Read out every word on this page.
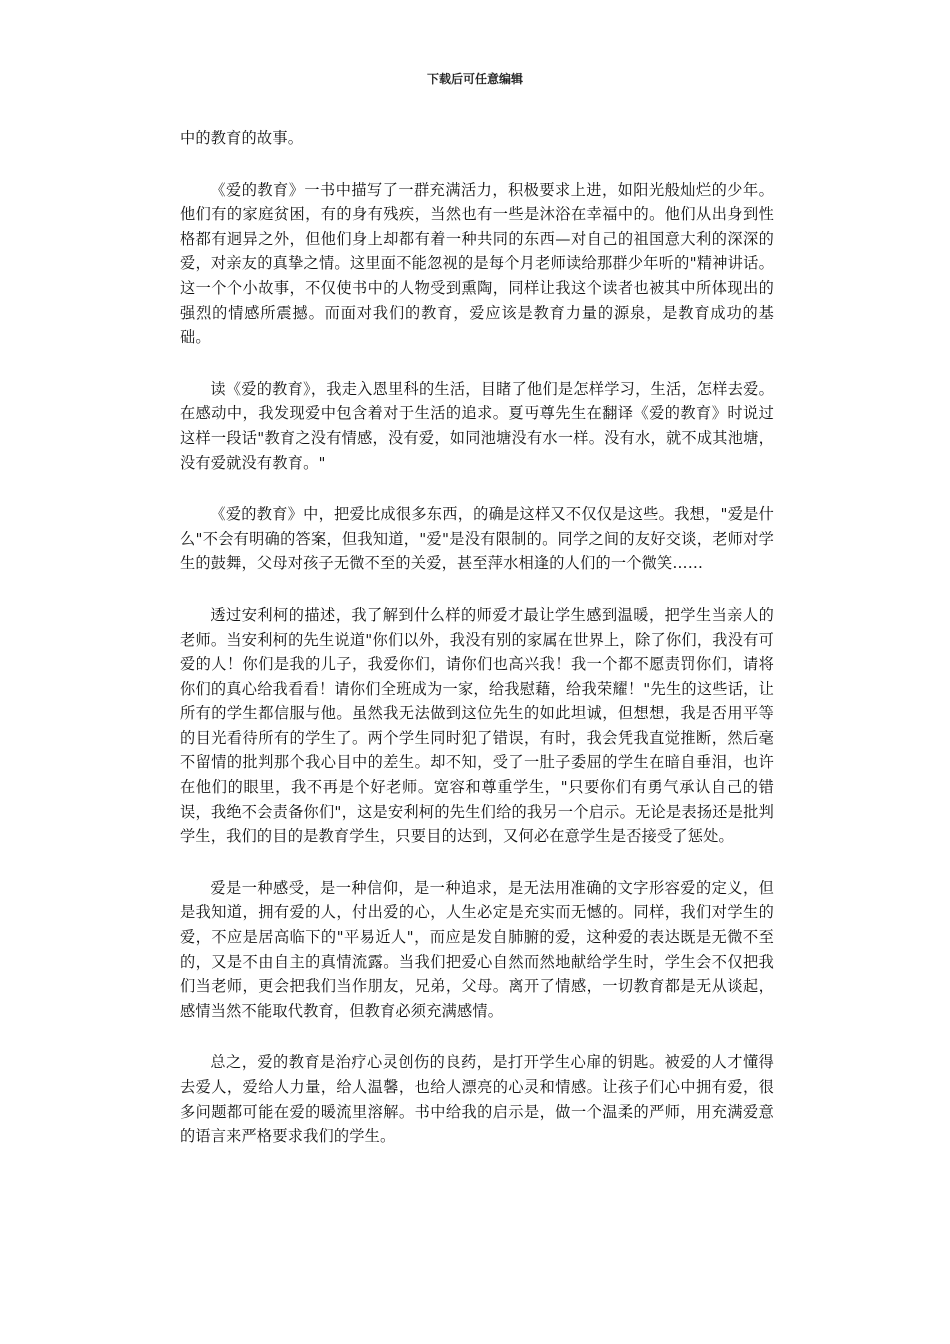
下载后可任意编辑

中的教育的故事。

《爱的教育》一书中描写了一群充满活力，积极要求上进，如阳光般灿烂的少年。他们有的家庭贫困，有的身有残疾，当然也有一些是沐浴在幸福中的。他们从出身到性格都有迥异之外，但他们身上却都有着一种共同的东西—对自己的祖国意大利的深深的爱，对亲友的真挚之情。这里面不能忽视的是每个月老师读给那群少年听的"精神讲话。这一个个小故事，不仅使书中的人物受到熏陶，同样让我这个读者也被其中所体现出的强烈的情感所震撼。而面对我们的教育，爱应该是教育力量的源泉，是教育成功的基础。

读《爱的教育》，我走入恩里科的生活，目睹了他们是怎样学习，生活，怎样去爱。在感动中，我发现爱中包含着对于生活的追求。夏丏尊先生在翻译《爱的教育》时说过这样一段话"教育之没有情感，没有爱，如同池塘没有水一样。没有水，就不成其池塘，没有爱就没有教育。"

《爱的教育》中，把爱比成很多东西，的确是这样又不仅仅是这些。我想，"爱是什么"不会有明确的答案，但我知道，"爱"是没有限制的。同学之间的友好交谈，老师对学生的鼓舞，父母对孩子无微不至的关爱，甚至萍水相逢的人们的一个微笑……

透过安利柯的描述，我了解到什么样的师爱才最让学生感到温暖，把学生当亲人的老师。当安利柯的先生说道"你们以外，我没有别的家属在世界上，除了你们，我没有可爱的人！你们是我的儿子，我爱你们，请你们也高兴我！我一个都不愿责罚你们，请将你们的真心给我看看！请你们全班成为一家，给我慰藉，给我荣耀！"先生的这些话，让所有的学生都信服与他。虽然我无法做到这位先生的如此坦诚，但想想，我是否用平等的目光看待所有的学生了。两个学生同时犯了错误，有时，我会凭我直觉推断，然后毫不留情的批判那个我心目中的差生。却不知，受了一肚子委屈的学生在暗自垂泪，也许在他们的眼里，我不再是个好老师。宽容和尊重学生，"只要你们有勇气承认自己的错误，我绝不会责备你们"，这是安利柯的先生们给的我另一个启示。无论是表扬还是批判学生，我们的目的是教育学生，只要目的达到，又何必在意学生是否接受了惩处。

爱是一种感受，是一种信仰，是一种追求，是无法用准确的文字形容爱的定义，但是我知道，拥有爱的人，付出爱的心，人生必定是充实而无憾的。同样，我们对学生的爱，不应是居高临下的"平易近人"，而应是发自肺腑的爱，这种爱的表达既是无微不至的，又是不由自主的真情流露。当我们把爱心自然而然地献给学生时，学生会不仅把我们当老师，更会把我们当作朋友，兄弟，父母。离开了情感，一切教育都是无从谈起，感情当然不能取代教育，但教育必须充满感情。

总之，爱的教育是治疗心灵创伤的良药，是打开学生心扉的钥匙。被爱的人才懂得去爱人，爱给人力量，给人温馨，也给人漂亮的心灵和情感。让孩子们心中拥有爱，很多问题都可能在爱的暖流里溶解。书中给我的启示是，做一个温柔的严师，用充满爱意的语言来严格要求我们的学生。
